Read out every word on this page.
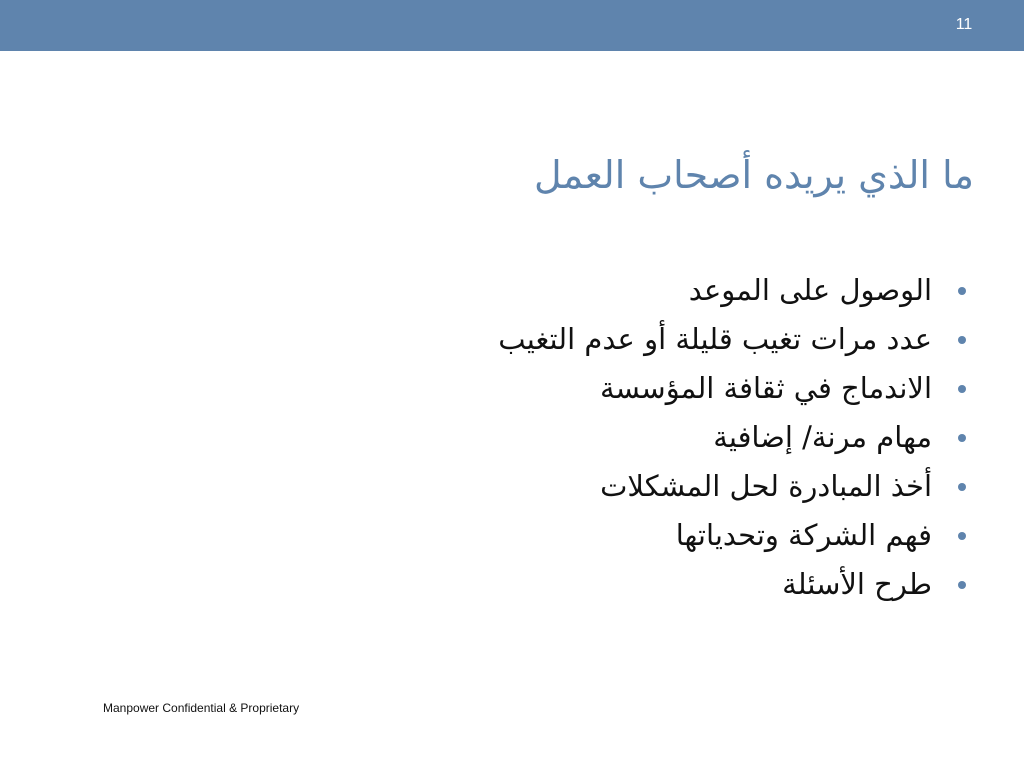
11
ما الذي يريده أصحاب العمل
الوصول على الموعد
عدد مرات تغيب قليلة أو عدم التغيب
الاندماج في ثقافة المؤسسة
مهام مرنة/ إضافية
أخذ المبادرة لحل المشكلات
فهم الشركة وتحدياتها
طرح الأسئلة
Manpower Confidential & Proprietary
